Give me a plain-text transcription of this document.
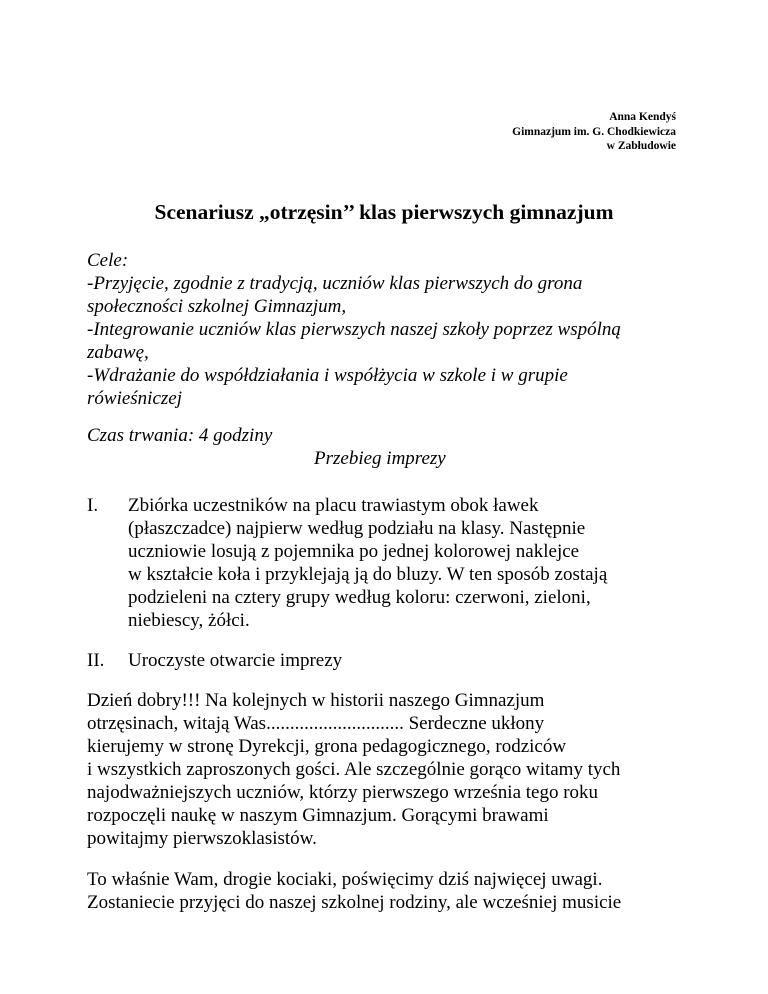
Anna Kendyś
Gimnazjum im. G. Chodkiewicza
w Zabłudowie
Scenariusz „otrzęsin’’ klas pierwszych gimnazjum
Cele:
-Przyjęcie, zgodnie z tradycją, uczniów klas pierwszych do grona
społeczności szkolnej Gimnazjum,
-Integrowanie uczniów klas pierwszych naszej szkoły poprzez wspólną
zabawę,
-Wdrażanie do współdziałania i współżycia w szkole i w grupie
rówieśniczej
Czas trwania: 4 godziny
Przebieg imprezy
I. Zbiórka uczestników na placu trawiastym obok ławek
(płaszczadce) najpierw według podziału na klasy. Następnie
uczniowie losują z pojemnika po jednej kolorowej naklejce
w kształcie koła i przyklejają ją do bluzy. W ten sposób zostają
podzieleni na cztery grupy według koloru: czerwoni, zieloni,
niebiescy, żółci.
II. Uroczyste otwarcie imprezy
Dzień dobry!!! Na kolejnych w historii naszego Gimnazjum
otrzęsinach, witają Was............................. Serdeczne ukłony
kierujemy w stronę Dyrekcji, grona pedagogicznego, rodziców
i wszystkich zaproszonych gości. Ale szczególnie gorąco witamy tych
najodważniejszych uczniów, którzy pierwszego września tego roku
rozpoczęli naukę w naszym Gimnazjum. Gorącymi brawami
powitajmy pierwszoklasistów.
To właśnie Wam, drogie kociaki, poświęcimy dziś najwięcej uwagi.
Zostaniecie przyjęci do naszej szkolnej rodziny, ale wcześniej musicie
